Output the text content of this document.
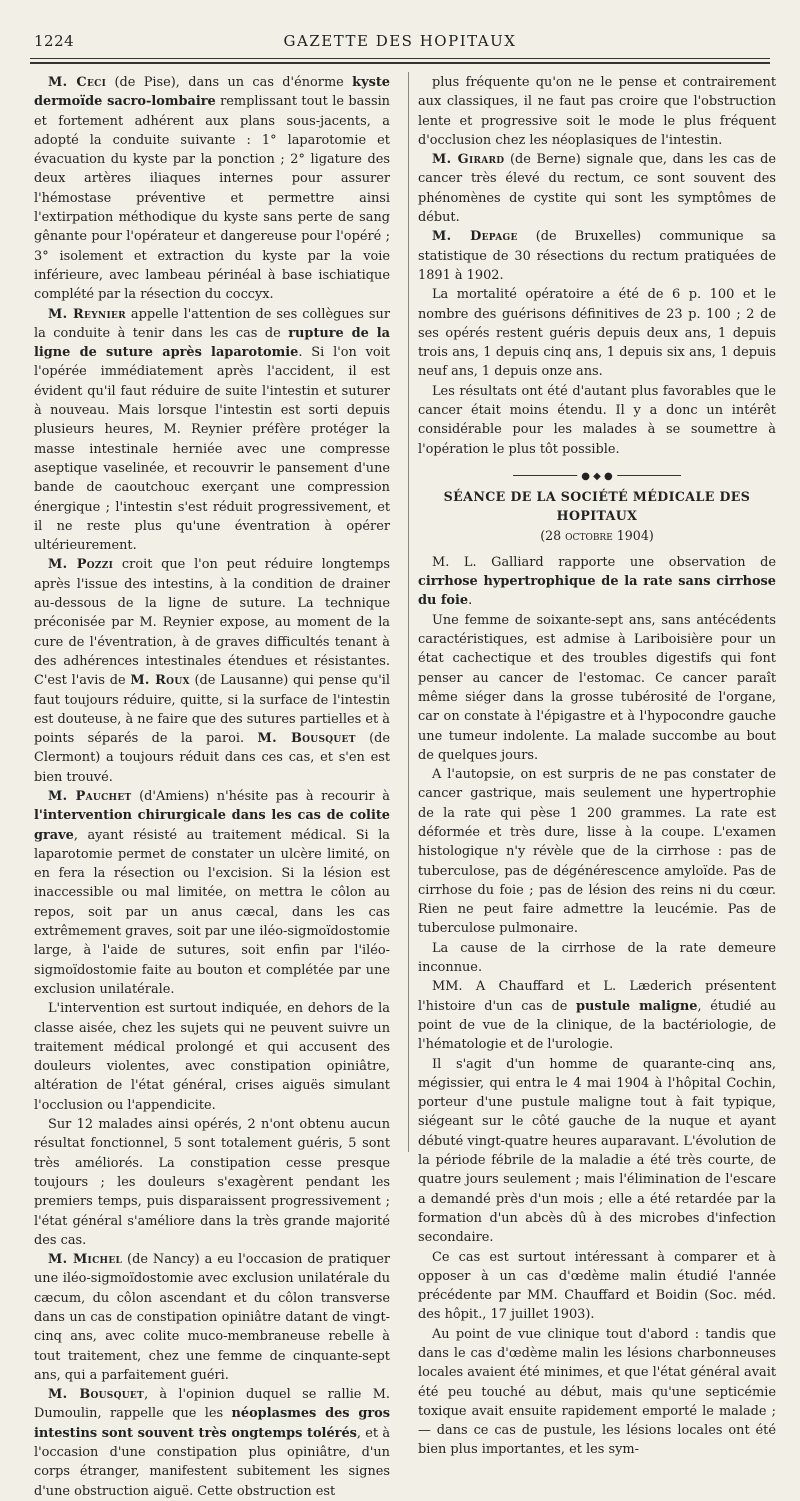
1224	GAZETTE DES HOPITAUX

M. Ceci (de Pise), dans un cas d'énorme kyste dermoïde sacro-lombaire remplissant tout le bassin et fortement adhérent aux plans sous-jacents, a adopté la conduite suivante : 1° laparotomie et évacuation du kyste par la ponction ; 2° ligature des deux artères iliaques internes pour assurer l'hémostase préventive et permettre ainsi l'extirpation méthodique du kyste sans perte de sang gênante pour l'opérateur et dangereuse pour l'opéré ; 3° isolement et extraction du kyste par la voie inférieure, avec lambeau périnéal à base ischiatique complété par la résection du coccyx.

M. Reynier appelle l'attention de ses collègues sur la conduite à tenir dans les cas de rupture de la ligne de suture après laparotomie. Si l'on voit l'opérée immédiatement après l'accident, il est évident qu'il faut réduire de suite l'intestin et suturer à nouveau. Mais lorsque l'intestin est sorti depuis plusieurs heures, M. Reynier préfère protéger la masse intestinale herniée avec une compresse aseptique vaselinée, et recouvrir le pansement d'une bande de caoutchouc exerçant une compression énergique ; l'intestin s'est réduit progressivement, et il ne reste plus qu'une éventration à opérer ultérieurement.

M. Pozzi croit que l'on peut réduire longtemps après l'issue des intestins, à la condition de drainer au-dessous de la ligne de suture. La technique préconisée par M. Reynier expose, au moment de la cure de l'éventration, à de graves difficultés tenant à des adhérences intestinales étendues et résistantes. C'est l'avis de M. Roux (de Lausanne) qui pense qu'il faut toujours réduire, quitte, si la surface de l'intestin est douteuse, à ne faire que des sutures partielles et à points séparés de la paroi. M. Bousquet (de Clermont) a toujours réduit dans ces cas, et s'en est bien trouvé.

M. Pauchet (d'Amiens) n'hésite pas à recourir à l'intervention chirurgicale dans les cas de colite grave, ayant résisté au traitement médical. Si la laparotomie permet de constater un ulcère limité, on en fera la résection ou l'excision. Si la lésion est inaccessible ou mal limitée, on mettra le côlon au repos, soit par un anus cæcal, dans les cas extrêmement graves, soit par une iléo-sigmoïdostomie large, à l'aide de sutures, soit enfin par l'iléo-sigmoïdostomie faite au bouton et complétée par une exclusion unilatérale.

L'intervention est surtout indiquée, en dehors de la classe aisée, chez les sujets qui ne peuvent suivre un traitement médical prolongé et qui accusent des douleurs violentes, avec constipation opiniâtre, altération de l'état général, crises aiguës simulant l'occlusion ou l'appendicite.

Sur 12 malades ainsi opérés, 2 n'ont obtenu aucun résultat fonctionnel, 5 sont totalement guéris, 5 sont très améliorés. La constipation cesse presque toujours ; les douleurs s'exagèrent pendant les premiers temps, puis disparaissent progressivement ; l'état général s'améliore dans la très grande majorité des cas.

M. Michel (de Nancy) a eu l'occasion de pratiquer une iléo-sigmoïdostomie avec exclusion unilatérale du cæcum, du côlon ascendant et du côlon transverse dans un cas de constipation opiniâtre datant de vingt-cinq ans, avec colite muco-membraneuse rebelle à tout traitement, chez une femme de cinquante-sept ans, qui a parfaitement guéri.

M. Bousquet, à l'opinion duquel se rallie M. Dumoulin, rappelle que les néoplasmes des gros intestins sont souvent très ongtemps tolérés, et à l'occasion d'une constipation plus opiniâtre, d'un corps étranger, manifestent subitement les signes d'une obstruction aiguë. Cette obstruction est

plus fréquente qu'on ne le pense et contrairement aux classiques, il ne faut pas croire que l'obstruction lente et progressive soit le mode le plus fréquent d'occlusion chez les néoplasiques de l'intestin.

M. Girard (de Berne) signale que, dans les cas de cancer très élevé du rectum, ce sont souvent des phénomènes de cystite qui sont les symptômes de début.

M. Depage (de Bruxelles) communique sa statistique de 30 résections du rectum pratiquées de 1891 à 1902.

La mortalité opératoire a été de 6 p. 100 et le nombre des guérisons définitives de 23 p. 100 ; 2 de ses opérés restent guéris depuis deux ans, 1 depuis trois ans, 1 depuis cinq ans, 1 depuis six ans, 1 depuis neuf ans, 1 depuis onze ans.

Les résultats ont été d'autant plus favorables que le cancer était moins étendu. Il y a donc un intérêt considérable pour les malades à se soumettre à l'opération le plus tôt possible.

● ◆ ●
SÉANCE DE LA SOCIÉTÉ MÉDICALE DES HOPITAUX
(28 octobre 1904)

M. L. Galliard rapporte une observation de cirrhose hypertrophique de la rate sans cirrhose du foie.

Une femme de soixante-sept ans, sans antécédents caractéristiques, est admise à Lariboisière pour un état cachectique et des troubles digestifs qui font penser au cancer de l'estomac. Ce cancer paraît même siéger dans la grosse tubérosité de l'organe, car on constate à l'épigastre et à l'hypocondre gauche une tumeur indolente. La malade succombe au bout de quelques jours.

A l'autopsie, on est surpris de ne pas constater de cancer gastrique, mais seulement une hypertrophie de la rate qui pèse 1 200 grammes. La rate est déformée et très dure, lisse à la coupe. L'examen histologique n'y révèle que de la cirrhose : pas de tuberculose, pas de dégénérescence amyloïde. Pas de cirrhose du foie ; pas de lésion des reins ni du cœur. Rien ne peut faire admettre la leucémie. Pas de tuberculose pulmonaire.

La cause de la cirrhose de la rate demeure inconnue.

MM. A Chauffard et L. Læderich présentent l'histoire d'un cas de pustule maligne, étudié au point de vue de la clinique, de la bactériologie, de l'hématologie et de l'urologie.

Il s'agit d'un homme de quarante-cinq ans, mégissier, qui entra le 4 mai 1904 à l'hôpital Cochin, porteur d'une pustule maligne tout à fait typique, siégeant sur le côté gauche de la nuque et ayant débuté vingt-quatre heures auparavant. L'évolution de la période fébrile de la maladie a été très courte, de quatre jours seulement ; mais l'élimination de l'escare a demandé près d'un mois ; elle a été retardée par la formation d'un abcès dû à des microbes d'infection secondaire.

Ce cas est surtout intéressant à comparer et à opposer à un cas d'œdème malin étudié l'année précédente par MM. Chauffard et Boidin (Soc. méd. des hôpit., 17 juillet 1903).

Au point de vue clinique tout d'abord : tandis que dans le cas d'œdème malin les lésions charbonneuses locales avaient été minimes, et que l'état général avait été peu touché au début, mais qu'une septicémie toxique avait ensuite rapidement emporté le malade ; — dans ce cas de pustule, les lésions locales ont été bien plus importantes, et les sym-
